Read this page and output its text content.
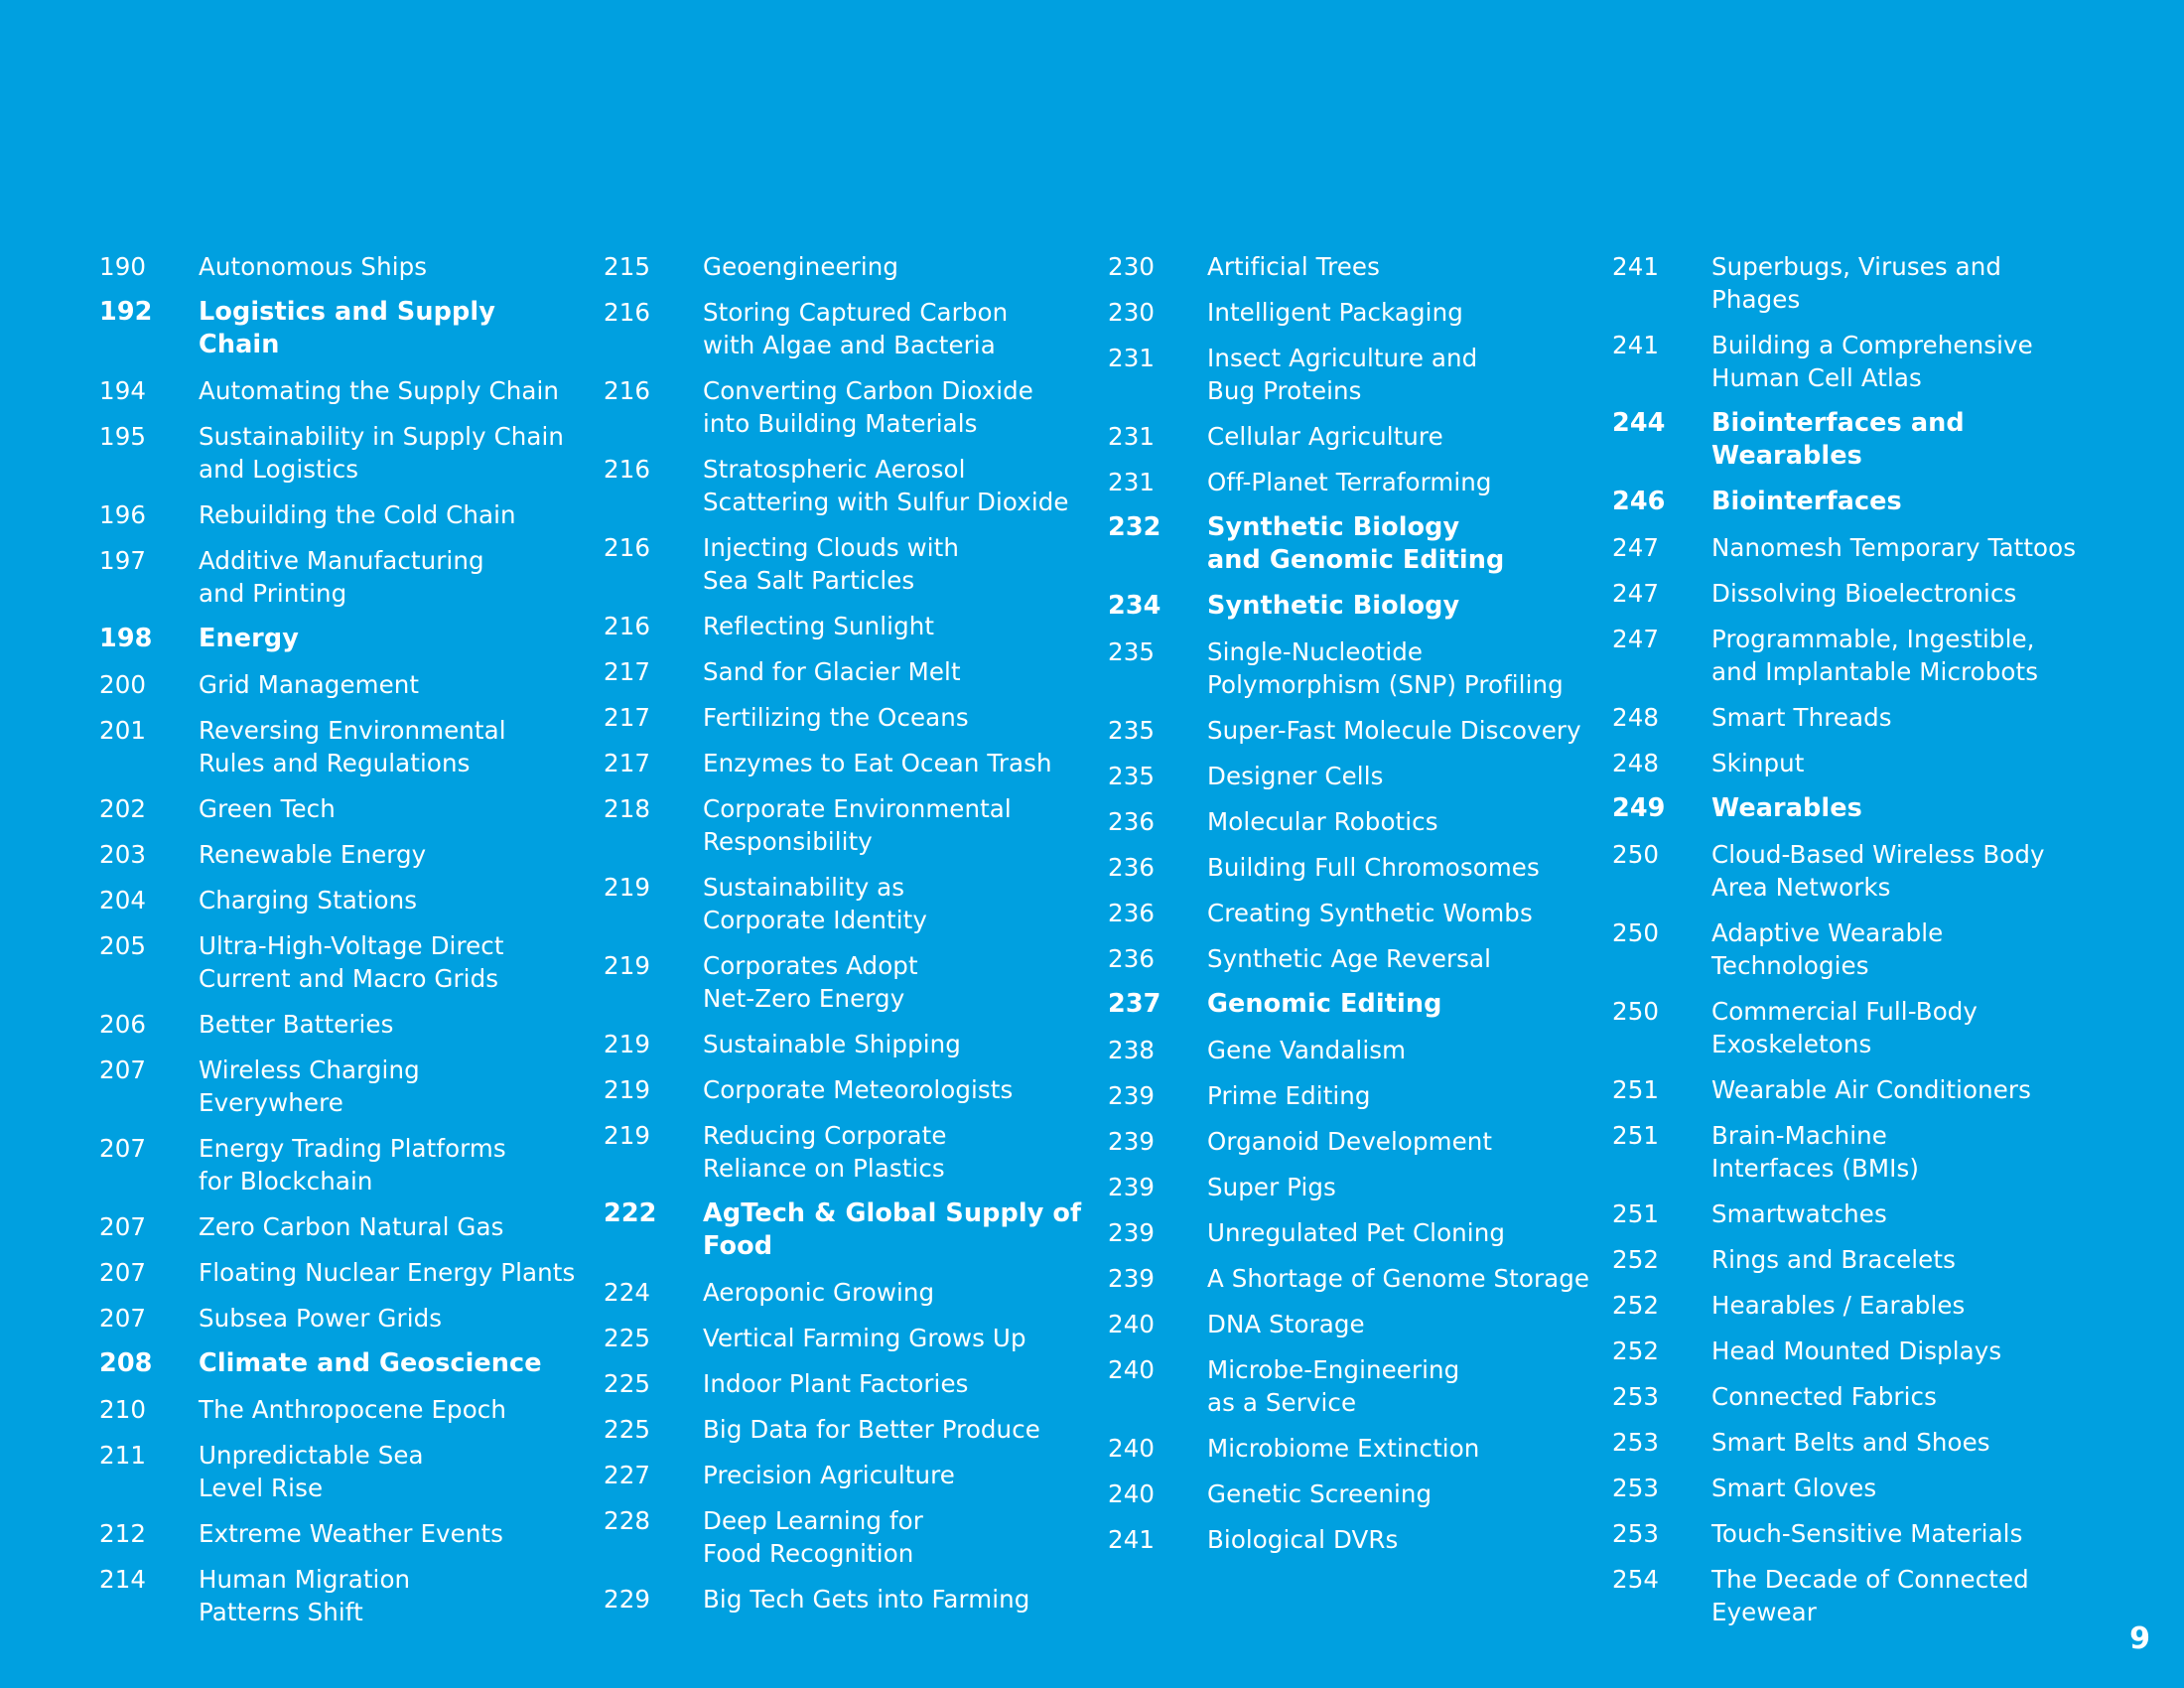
190	Autonomous Ships
192	Logistics and Supply Chain
194	Automating the Supply Chain
195	Sustainability in Supply Chain
and Logistics
196	Rebuilding the Cold Chain
197	Additive Manufacturing
and Printing
198	Energy
200	Grid Management
201	Reversing Environmental
Rules and Regulations
202	Green Tech
203	Renewable Energy
204	Charging Stations
205	Ultra-High-Voltage Direct
Current and Macro Grids
206	Better Batteries
207	Wireless Charging
Everywhere
207	Energy Trading Platforms
for Blockchain
207	Zero Carbon Natural Gas
207	Floating Nuclear Energy Plants
207	Subsea Power Grids
208	Climate and Geoscience
210	The Anthropocene Epoch
211	Unpredictable Sea
Level Rise
212	Extreme Weather Events
214	Human Migration
Patterns Shift
215	Geoengineering
216	Storing Captured Carbon
with Algae and Bacteria
216	Converting Carbon Dioxide
into Building Materials
216	Stratospheric Aerosol
Scattering with Sulfur Dioxide
216	Injecting Clouds with
Sea Salt Particles
216	Reflecting Sunlight
217	Sand for Glacier Melt
217	Fertilizing the Oceans
217	Enzymes to Eat Ocean Trash
218	Corporate Environmental
Responsibility
219	Sustainability as
Corporate Identity
219	Corporates Adopt
Net-Zero Energy
219	Sustainable Shipping
219	Corporate Meteorologists
219	Reducing Corporate
Reliance on Plastics
222	AgTech & Global Supply of Food
224	Aeroponic Growing
225	Vertical Farming Grows Up
225	Indoor Plant Factories
225	Big Data for Better Produce
227	Precision Agriculture
228	Deep Learning for
Food Recognition
229	Big Tech Gets into Farming
230	Artificial Trees
230	Intelligent Packaging
231	Insect Agriculture and
Bug Proteins
231	Cellular Agriculture
231	Off-Planet Terraforming
232	Synthetic Biology
and Genomic Editing
234	Synthetic Biology
235	Single-Nucleotide
Polymorphism (SNP) Profiling
235	Super-Fast Molecule Discovery
235	Designer Cells
236	Molecular Robotics
236	Building Full Chromosomes
236	Creating Synthetic Wombs
236	Synthetic Age Reversal
237	Genomic Editing
238	Gene Vandalism
239	Prime Editing
239	Organoid Development
239	Super Pigs
239	Unregulated Pet Cloning
239	A Shortage of Genome Storage
240	DNA Storage
240	Microbe-Engineering
as a Service
240	Microbiome Extinction
240	Genetic Screening
241	Biological DVRs
241	Superbugs, Viruses and Phages
241	Building a Comprehensive
Human Cell Atlas
244	Biointerfaces and Wearables
246	Biointerfaces
247	Nanomesh Temporary Tattoos
247	Dissolving Bioelectronics
247	Programmable, Ingestible,
and Implantable Microbots
248	Smart Threads
248	Skinput
249	Wearables
250	Cloud-Based Wireless Body
Area Networks
250	Adaptive Wearable
Technologies
250	Commercial Full-Body
Exoskeletons
251	Wearable Air Conditioners
251	Brain-Machine
Interfaces (BMIs)
251	Smartwatches
252	Rings and Bracelets
252	Hearables / Earables
252	Head Mounted Displays
253	Connected Fabrics
253	Smart Belts and Shoes
253	Smart Gloves
253	Touch-Sensitive Materials
254	The Decade of Connected
Eyewear
9
